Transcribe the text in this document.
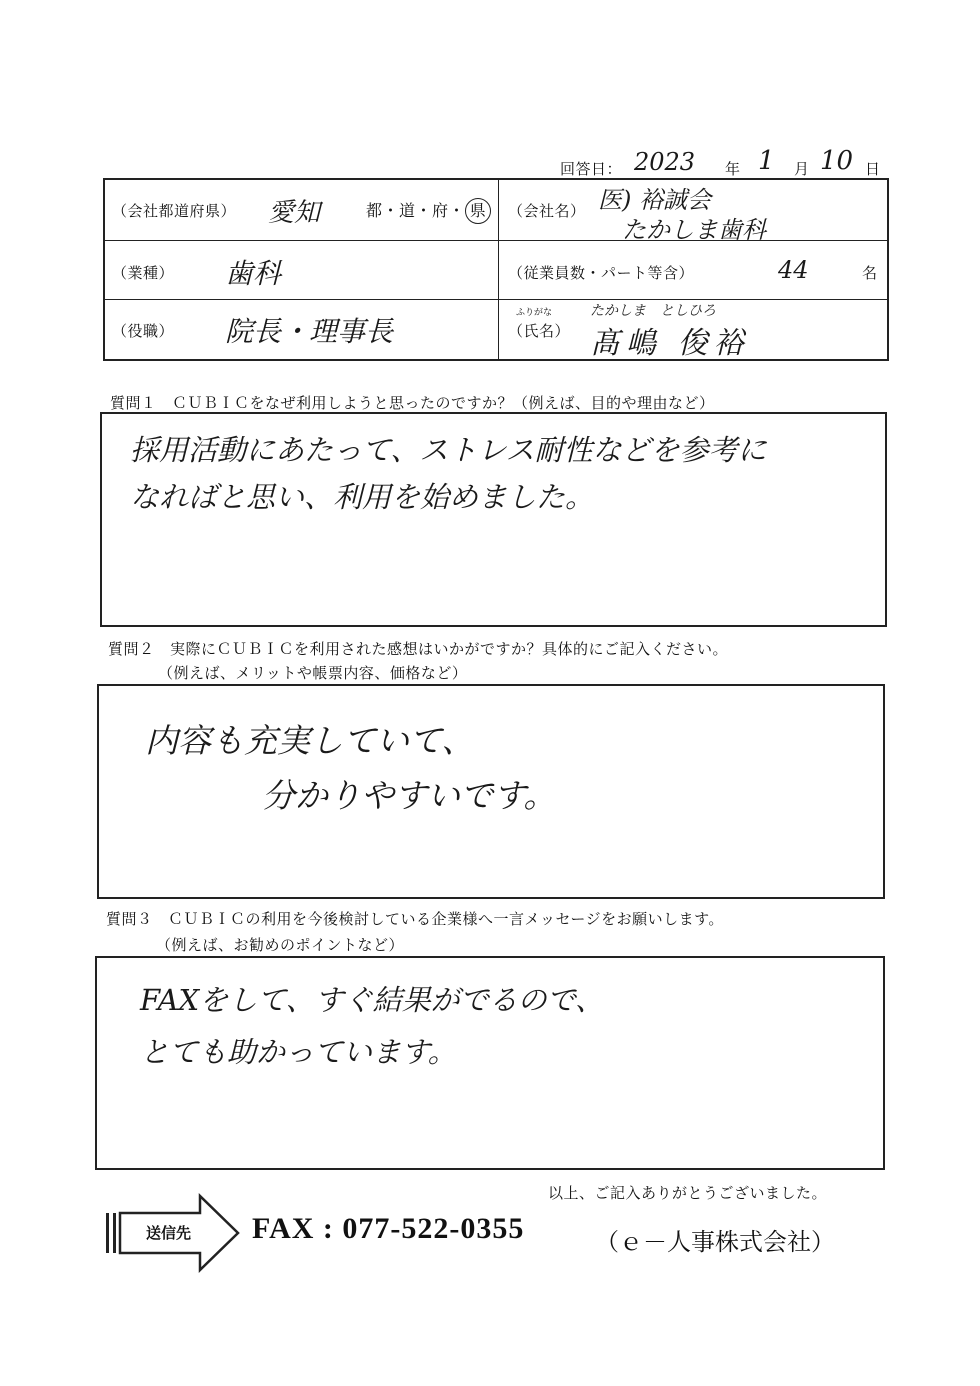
回答日： 2023 年 1 月 10 日
（会社都道府県） 愛知	都・道・府・ 県	（会社名） 医) 裕誠会
たかしま歯科
（業種） 歯科	（従業員数・パート等含）	44	名
（役職） 院長・理事長	（氏名）
ふりがな	たかしま　としひろ
髙嶋 俊裕
質問１　ＣＵＢＩＣをなぜ利用しようと思ったのですか？（例えば、目的や理由など）
採用活動にあたって、ストレス耐性などを参考に
なればと思い、利用を始めました。
質問２　実際にＣＵＢＩＣを利用された感想はいかがですか？具体的にご記入ください。
（例えば、メリットや帳票内容、価格など）
内容も充実していて、
分かりやすいです。
質問３　ＣＵＢＩＣの利用を今後検討している企業様へ一言メッセージをお願いします。
（例えば、お勧めのポイントなど）
FAXをして、すぐ結果がでるので、
とても助かっています。
以上、ご記入ありがとうございました。
送信先 FAX : 077-522-0355	（ｅ－人事株式会社）
